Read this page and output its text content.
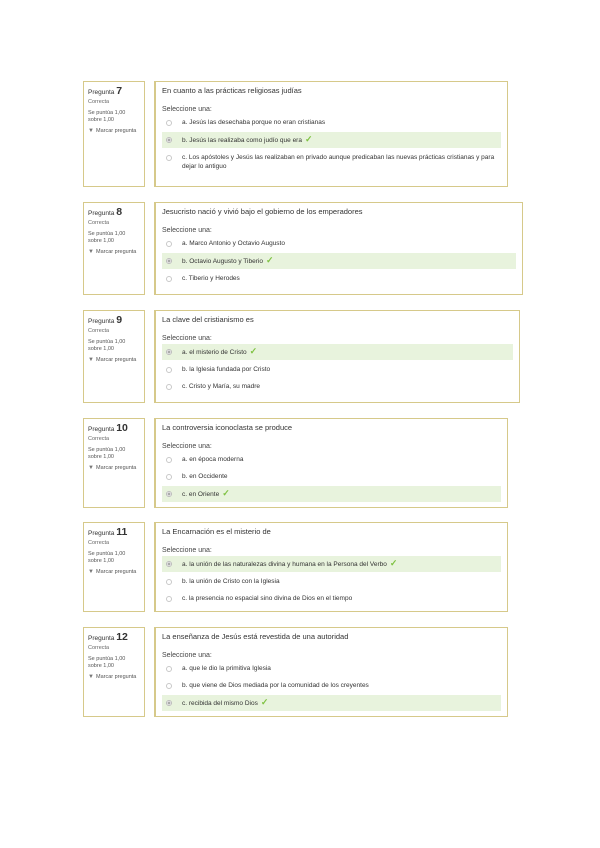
Pregunta 7
Correcta
Se puntúa 1,00 sobre 1,00
▼ Marcar pregunta
En cuanto a las prácticas religiosas judías
Seleccione una:
a. Jesús las desechaba porque no eran cristianas
b. Jesús las realizaba como judío que era ✓
c. Los apóstoles y Jesús las realizaban en privado aunque predicaban las nuevas prácticas cristianas y para dejar lo antiguo
Pregunta 8
Correcta
Se puntúa 1,00 sobre 1,00
▼ Marcar pregunta
Jesucristo nació y vivió bajo el gobierno de los emperadores
Seleccione una:
a. Marco Antonio y Octavio Augusto
b. Octavio Augusto y Tiberio ✓
c. Tiberio y Herodes
Pregunta 9
Correcta
Se puntúa 1,00 sobre 1,00
▼ Marcar pregunta
La clave del cristianismo es
Seleccione una:
a. el misterio de Cristo ✓
b. la Iglesia fundada por Cristo
c. Cristo y María, su madre
Pregunta 10
Correcta
Se puntúa 1,00 sobre 1,00
▼ Marcar pregunta
La controversia iconoclasta se produce
Seleccione una:
a. en época moderna
b. en Occidente
c. en Oriente ✓
Pregunta 11
Correcta
Se puntúa 1,00 sobre 1,00
▼ Marcar pregunta
La Encarnación es el misterio de
Seleccione una:
a. la unión de las naturalezas divina y humana en la Persona del Verbo ✓
b. la unión de Cristo con la Iglesia
c. la presencia no espacial sino divina de Dios en el tiempo
Pregunta 12
Correcta
Se puntúa 1,00 sobre 1,00
▼ Marcar pregunta
La enseñanza de Jesús está revestida de una autoridad
Seleccione una:
a. que le dio la primitiva Iglesia
b. que viene de Dios mediada por la comunidad de los creyentes
c. recibida del mismo Dios ✓
